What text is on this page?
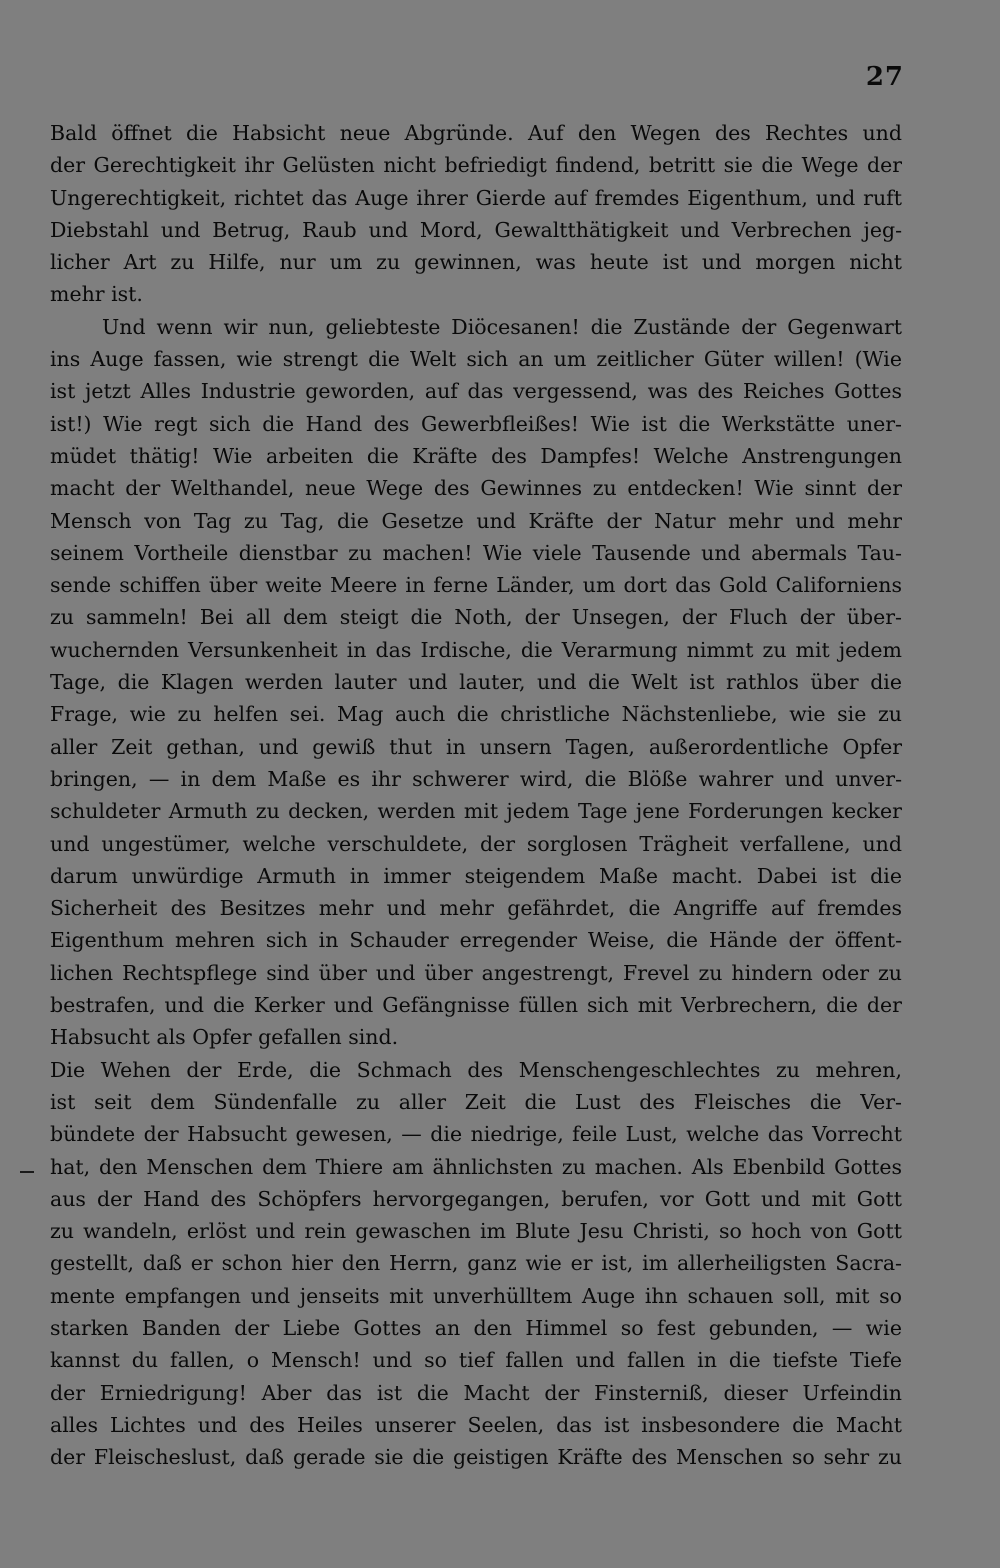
27
Bald öffnet die Habsicht neue Abgründe. Auf den Wegen des Rechtes und
der Gerechtigkeit ihr Gelüsten nicht befriedigt findend, betritt sie die Wege der
Ungerechtigkeit, richtet das Auge ihrer Gierde auf fremdes Eigenthum, und ruft
Diebstahl und Betrug, Raub und Mord, Gewaltthätigkeit und Verbrechen jeg-
licher Art zu Hilfe, nur um zu gewinnen, was heute ist und morgen nicht
mehr ist.
Und wenn wir nun, geliebteste Diöcesanen! die Zustände der Gegenwart
ins Auge fassen, wie strengt die Welt sich an um zeitlicher Güter willen! (Wie
ist jetzt Alles Industrie geworden, auf das vergessend, was des Reiches Gottes
ist!) Wie regt sich die Hand des Gewerbfleißes! Wie ist die Werkstätte uner-
müdet thätig! Wie arbeiten die Kräfte des Dampfes! Welche Anstrengungen
macht der Welthandel, neue Wege des Gewinnes zu entdecken! Wie sinnt der
Mensch von Tag zu Tag, die Gesetze und Kräfte der Natur mehr und mehr
seinem Vortheile dienstbar zu machen! Wie viele Tausende und abermals Tau-
sende schiffen über weite Meere in ferne Länder, um dort das Gold Californiens
zu sammeln! Bei all dem steigt die Noth, der Unsegen, der Fluch der über-
wuchernden Versunkenheit in das Irdische, die Verarmung nimmt zu mit jedem
Tage, die Klagen werden lauter und lauter, und die Welt ist rathlos über die
Frage, wie zu helfen sei. Mag auch die christliche Nächstenliebe, wie sie zu
aller Zeit gethan, und gewiß thut in unsern Tagen, außerordentliche Opfer
bringen, — in dem Maße es ihr schwerer wird, die Blöße wahrer und unver-
schuldeter Armuth zu decken, werden mit jedem Tage jene Forderungen kecker
und ungestümer, welche verschuldete, der sorglosen Trägheit verfallene, und
darum unwürdige Armuth in immer steigendem Maße macht. Dabei ist die
Sicherheit des Besitzes mehr und mehr gefährdet, die Angriffe auf fremdes
Eigenthum mehren sich in Schauder erregender Weise, die Hände der öffent-
lichen Rechtspflege sind über und über angestrengt, Frevel zu hindern oder zu
bestrafen, und die Kerker und Gefängnisse füllen sich mit Verbrechern, die der
Habsucht als Opfer gefallen sind.
Die Wehen der Erde, die Schmach des Menschengeschlechtes zu mehren,
ist seit dem Sündenfalle zu aller Zeit die Lust des Fleisches die Ver-
bündete der Habsucht gewesen, — die niedrige, feile Lust, welche das Vorrecht
hat, den Menschen dem Thiere am ähnlichsten zu machen. Als Ebenbild Gottes
aus der Hand des Schöpfers hervorgegangen, berufen, vor Gott und mit Gott
zu wandeln, erlöst und rein gewaschen im Blute Jesu Christi, so hoch von Gott
gestellt, daß er schon hier den Herrn, ganz wie er ist, im allerheiligsten Sacra-
mente empfangen und jenseits mit unverhülltem Auge ihn schauen soll, mit so
starken Banden der Liebe Gottes an den Himmel so fest gebunden, — wie
kannst du fallen, o Mensch! und so tief fallen und fallen in die tiefste Tiefe
der Erniedrigung! Aber das ist die Macht der Finsterniß, dieser Urfeindin
alles Lichtes und des Heiles unserer Seelen, das ist insbesondere die Macht
der Fleischeslust, daß gerade sie die geistigen Kräfte des Menschen so sehr zu
